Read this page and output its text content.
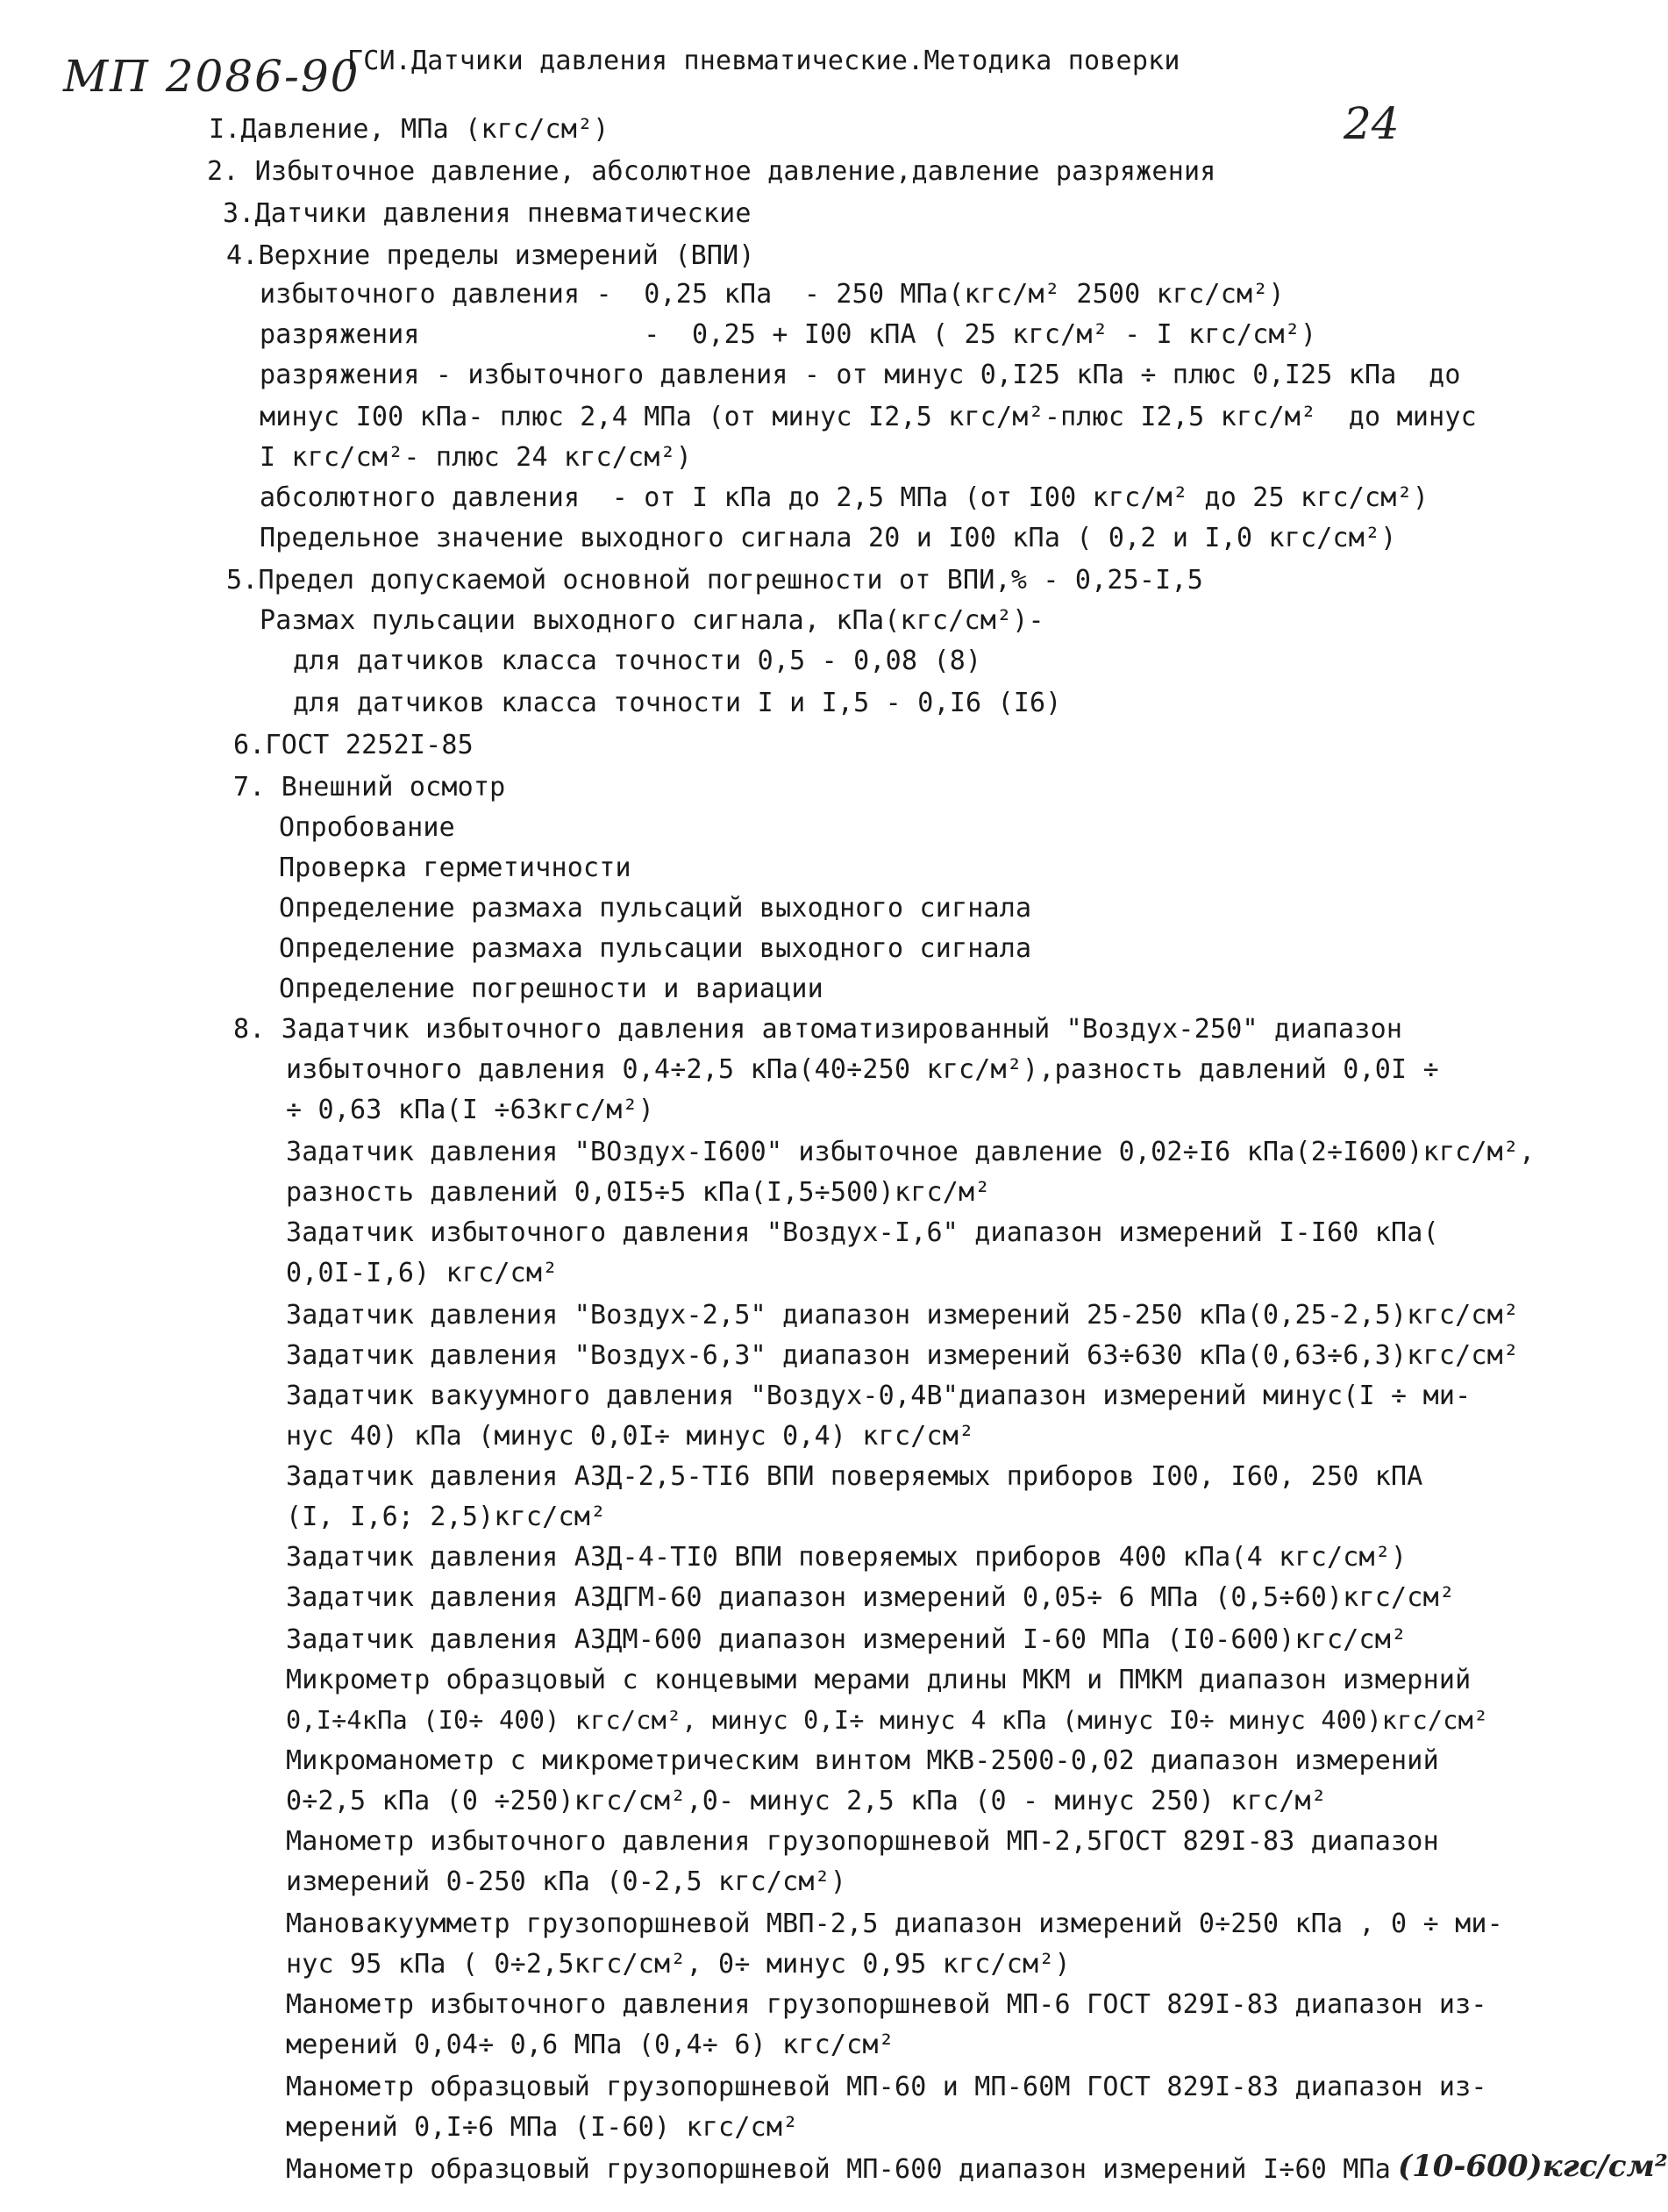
МП 2086-90
ГСИ.Датчики давления пневматические.Методика поверки
24
I.Давление, МПа (кгс/см²)
2. Избыточное давление, абсолютное давление,давление разряжения
3.Датчики давления пневматические
4.Верхние пределы измерений (ВПИ)
избыточного давления -  0,25 кПа  - 250 МПа(кгс/м² 2500 кгс/см²)
разряжения              -  0,25 + I00 кПА ( 25 кгс/м² - I кгс/см²)
разряжения - избыточного давления - от минус 0,I25 кПа ÷ плюс 0,I25 кПа  до
минус I00 кПа- плюс 2,4 МПа (от минус I2,5 кгс/м²-плюс I2,5 кгс/м²  до минус
I кгс/см²- плюс 24 кгс/см²)
абсолютного давления  - от I кПа до 2,5 МПа (от I00 кгс/м² до 25 кгс/см²)
Предельное значение выходного сигнала 20 и I00 кПа ( 0,2 и I,0 кгс/см²)
5.Предел допускаемой основной погрешности от ВПИ,% - 0,25-I,5
Размах пульсации выходного сигнала, кПа(кгс/см²)-
для датчиков класса точности 0,5 - 0,08 (8)
для датчиков класса точности I и I,5 - 0,I6 (I6)
6.ГОСТ 2252I-85
7. Внешний осмотр
Опробование
Проверка герметичности
Определение размаха пульсаций выходного сигнала
Определение размаха пульсации выходного сигнала
Определение погрешности и вариации
8. Задатчик избыточного давления автоматизированный "Воздух-250" диапазон
избыточного давления 0,4÷2,5 кПа(40÷250 кгс/м²),разность давлений 0,0I ÷
÷ 0,63 кПа(I ÷63кгс/м²)
Задатчик давления "ВОздух-I600" избыточное давление 0,02÷I6 кПа(2÷I600)кгс/м²,
разность давлений 0,0I5÷5 кПа(I,5÷500)кгс/м²
Задатчик избыточного давления "Воздух-I,6" диапазон измерений I-I60 кПа(
0,0I-I,6) кгс/см²
Задатчик давления "Воздух-2,5" диапазон измерений 25-250 кПа(0,25-2,5)кгс/см²
Задатчик давления "Воздух-6,3" диапазон измерений 63÷630 кПа(0,63÷6,3)кгс/см²
Задатчик вакуумного давления "Воздух-0,4В"диапазон измерений минус(I ÷ ми-
нус 40) кПа (минус 0,0I÷ минус 0,4) кгс/см²
Задатчик давления АЗД-2,5-ТI6 ВПИ поверяемых приборов I00, I60, 250 кПА
(I, I,6; 2,5)кгс/см²
Задатчик давления АЗД-4-ТI0 ВПИ поверяемых приборов 400 кПа(4 кгс/см²)
Задатчик давления АЗДГМ-60 диапазон измерений 0,05÷ 6 МПа (0,5÷60)кгс/см²
Задатчик давления АЗДМ-600 диапазон измерений I-60 МПа (I0-600)кгс/см²
Микрометр образцовый с концевыми мерами длины МКМ и ПМКМ диапазон измерний
0,I÷4кПа (I0÷ 400) кгс/см², минус 0,I÷ минус 4 кПа (минус I0÷ минус 400)кгс/см²
Микроманометр с микрометрическим винтом МКВ-2500-0,02 диапазон измерений
0÷2,5 кПа (0 ÷250)кгс/см²,0- минус 2,5 кПа (0 - минус 250) кгс/м²
Манометр избыточного давления грузопоршневой МП-2,5ГОСТ 829I-83 диапазон
измерений 0-250 кПа (0-2,5 кгс/см²)
Мановакуумметр грузопоршневой МВП-2,5 диапазон измерений 0÷250 кПа , 0 ÷ ми-
нус 95 кПа ( 0÷2,5кгс/см², 0÷ минус 0,95 кгс/см²)
Манометр избыточного давления грузопоршневой МП-6 ГОСТ 829I-83 диапазон из-
мерений 0,04÷ 0,6 МПа (0,4÷ 6) кгс/см²
Манометр образцовый грузопоршневой МП-60 и МП-60М ГОСТ 829I-83 диапазон из-
мерений 0,I÷6 МПа (I-60) кгс/см²
Манометр образцовый грузопоршневой МП-600 диапазон измерений I÷60 МПа (10-600)кгс/см²
